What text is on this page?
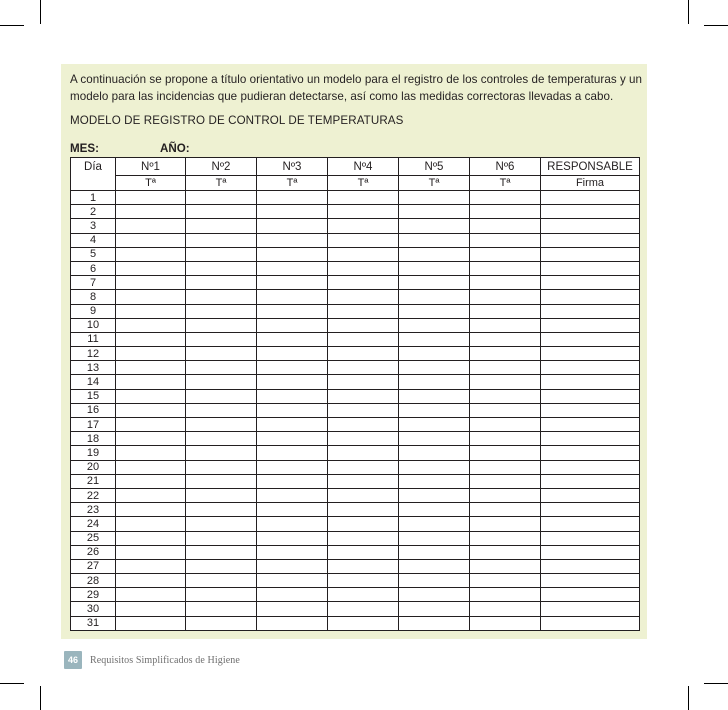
A continuación se propone a título orientativo un modelo para el registro de los controles de temperaturas y un modelo para las incidencias que pudieran detectarse, así como las medidas correctoras llevadas a cabo.

MODELO DE REGISTRO DE CONTROL DE TEMPERATURAS
MES:	AÑO:
Día	Nº1	Nº2	Nº3	Nº4	Nº5	Nº6	RESPONSABLE
	Tª	Tª	Tª	Tª	Tª	Tª	Firma
1							
2							
3							
4							
5							
6							
7							
8							
9							
10							
11							
12							
13							
14							
15							
16							
17							
18							
19							
20							
21							
22							
23							
24							
25							
26							
27							
28							
29							
30							
31							
46	Requisitos Simplificados de Higiene
